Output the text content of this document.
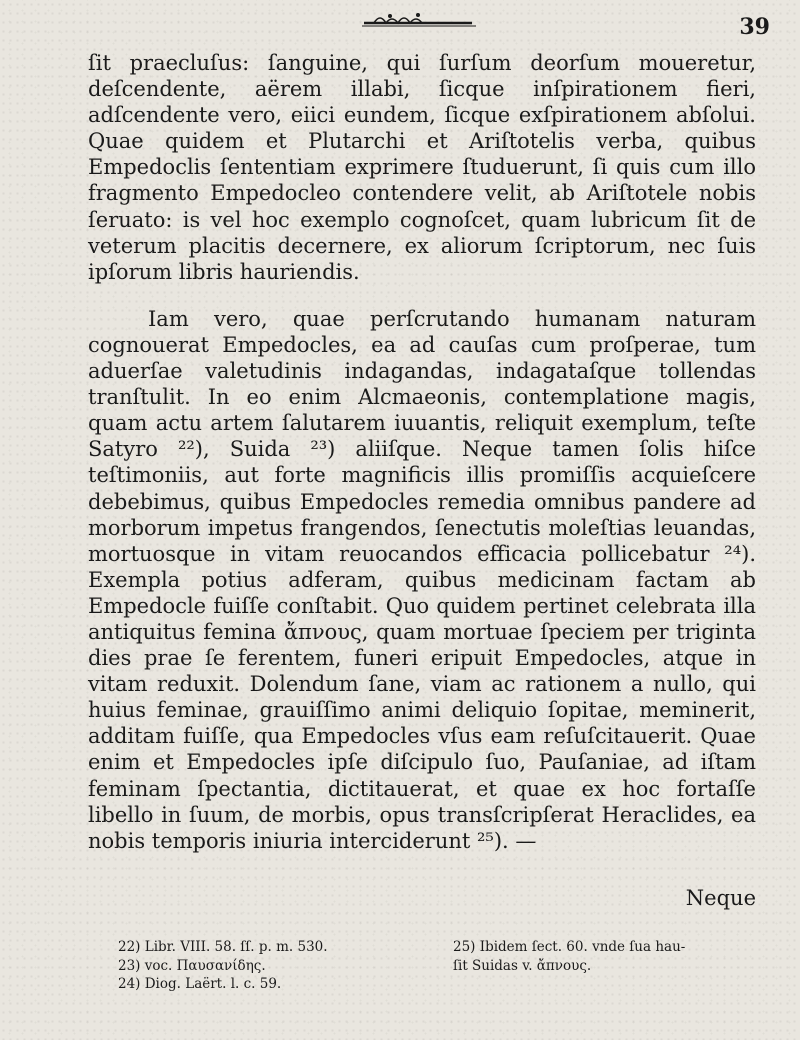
39

ſit praecluſus: ſanguine, qui ſurſum deorſum moueretur, deſcendente, aërem illabi, ſicque inſpirationem fieri, adſcendente vero, eiici eundem, ſicque exſpirationem abſolui. Quae quidem et Plutarchi et Ariſtotelis verba, quibus Empedoclis ſententiam exprimere ſtuduerunt, ſi quis cum illo fragmento Empedocleo contendere velit, ab Ariſtotele nobis ſeruato: is vel hoc exemplo cognoſcet, quam lubricum ſit de veterum placitis decernere, ex aliorum ſcriptorum, nec ſuis ipſorum libris hauriendis.

Iam vero, quae perſcrutando humanam naturam cognouerat Empedocles, ea ad cauſas cum proſperae, tum aduerſae valetudinis indagandas, indagataſque tollendas tranſtulit. In eo enim Alcmaeonis, contemplatione magis, quam actu artem ſalutarem iuuantis, reliquit exemplum, teſte Satyro ²²), Suida ²³) aliiſque. Neque tamen ſolis hiſce teſtimoniis, aut forte magnificis illis promiſſis acquieſcere debebimus, quibus Empedocles remedia omnibus pandere ad morborum impetus frangendos, ſenectutis moleſtias leuandas, mortuosque in vitam reuocandos efficacia pollicebatur ²⁴). Exempla potius adferam, quibus medicinam factam ab Empedocle fuiſſe conſtabit. Quo quidem pertinet celebrata illa antiquitus femina ἄπνους, quam mortuae ſpeciem per triginta dies prae ſe ferentem, funeri eripuit Empedocles, atque in vitam reduxit. Dolendum ſane, viam ac rationem a nullo, qui huius feminae, grauiſſimo animi deliquio ſopitae, meminerit, additam fuiſſe, qua Empedocles vſus eam reſuſcitauerit. Quae enim et Empedocles ipſe diſcipulo ſuo, Pauſaniae, ad iſtam feminam ſpectantia, dictitauerat, et quae ex hoc fortaſſe libello in ſuum, de morbis, opus transſcripſerat Heraclides, ea nobis temporis iniuria interciderunt ²⁵). —

Neque
22) Libr. VIII. 58. ſſ. p. m. 530.
23) voc. Παυσανίδης.
24) Diog. Laërt. l. c. 59.
25) Ibidem ſect. 60. vnde ſua hau-
ſit Suidas v. ἄπνους.
